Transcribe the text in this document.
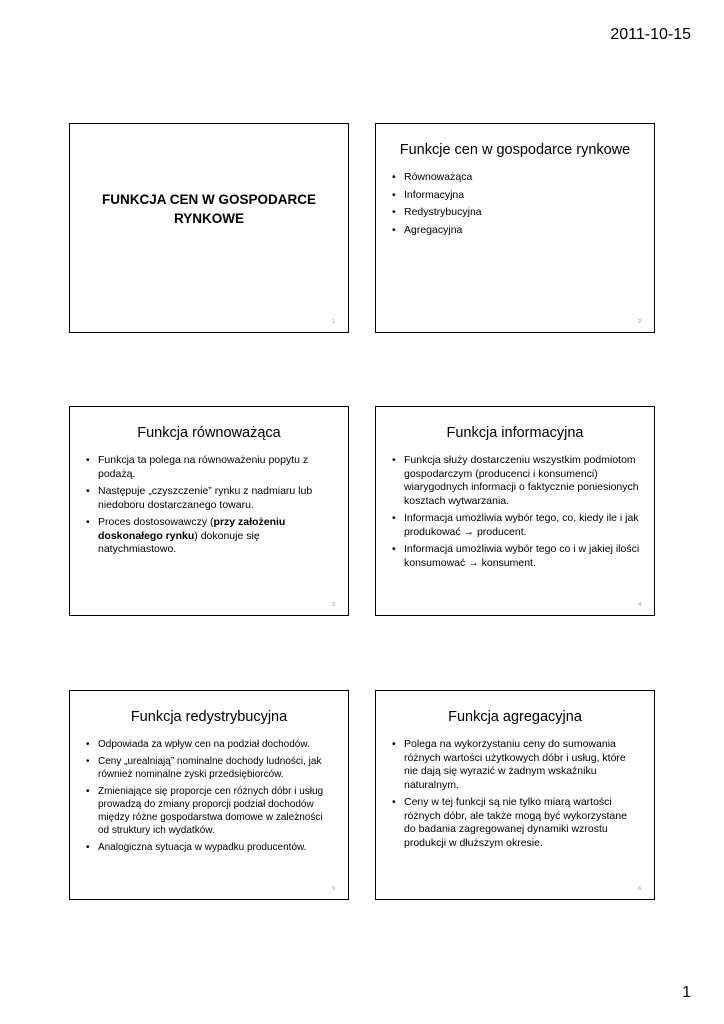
2011-10-15
FUNKCJA CEN W GOSPODARCE RYNKOWE
1
Funkcje cen w gospodarce rynkowe
• Równoważąca
• Informacyjna
• Redystrybucyjna
• Agregacyjna
2
Funkcja równoważąca
• Funkcja ta polega na równoważeniu popytu z podażą.
• Następuje „czyszczenie” rynku z nadmiaru lub niedoboru dostarczanego towaru.
• Proces dostosowawczy (przy założeniu doskonałego rynku) dokonuje się natychmiastowo.
3
Funkcja informacyjna
• Funkcja służy dostarczeniu wszystkim podmiotom gospodarczym (producenci i konsumenci) wiarygodnych informacji o faktycznie poniesionych kosztach wytwarzania.
• Informacja umożliwia wybór tego, co, kiedy ile i jak produkować → producent.
• Informacja umożliwia wybór tego co i w jakiej ilości konsumować → konsument.
4
Funkcja redystrybucyjna
• Odpowiada za wpływ cen na podział dochodów.
• Ceny „urealniają” nominalne dochody ludności, jak również nominalne zyski przedsiębiorców.
• Zmieniające się proporcje cen różnych dóbr i usług prowadzą do zmiany proporcji podział dochodów między różne gospodarstwa domowe w zależności od struktury ich wydatków.
• Analogiczna sytuacja w wypadku producentów.
5
Funkcja agregacyjna
• Polega na wykorzystaniu ceny do sumowania różnych wartości użytkowych dóbr i usług, które nie dają się wyrazić w żadnym wskaźniku naturalnym.
• Ceny w tej funkcji są nie tylko miarą wartości różnych dóbr, ale także mogą być wykorzystane do badania zagregowanej dynamiki wzrostu produkcji w dłuższym okresie.
6
1
